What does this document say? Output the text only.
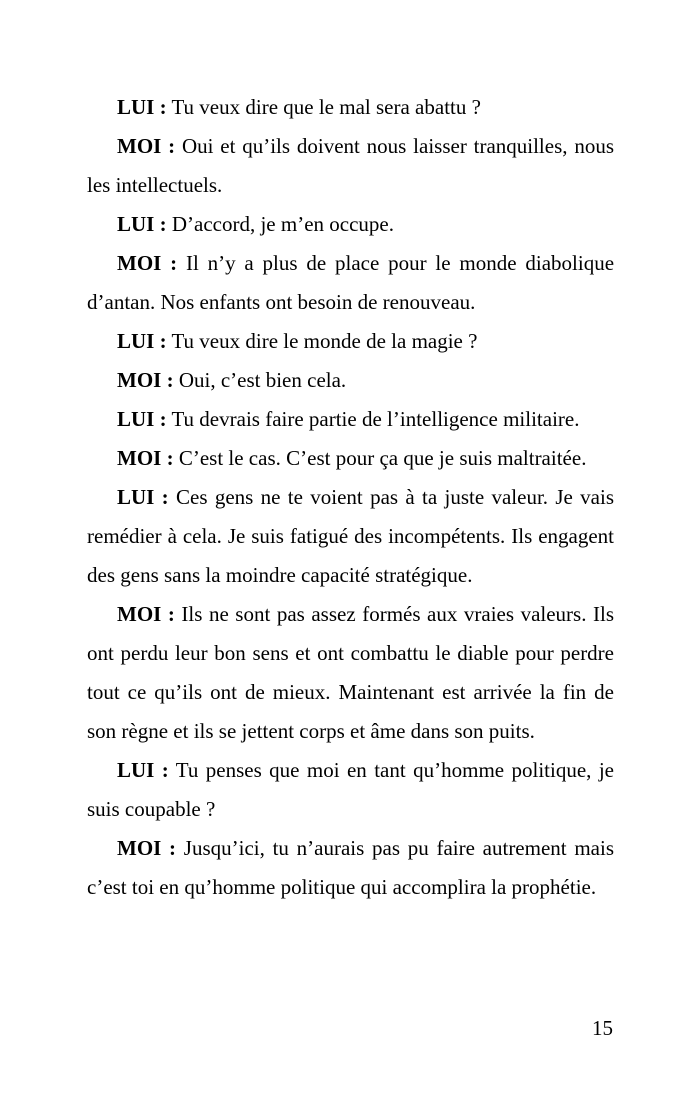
LUI : Tu veux dire que le mal sera abattu ?

MOI : Oui et qu’ils doivent nous laisser tranquilles, nous les intellectuels.

LUI : D’accord, je m’en occupe.

MOI : Il n’y a plus de place pour le monde diabolique d’antan. Nos enfants ont besoin de renouveau.

LUI : Tu veux dire le monde de la magie ?

MOI : Oui, c’est bien cela.

LUI : Tu devrais faire partie de l’intelligence militaire.

MOI : C’est le cas. C’est pour ça que je suis maltraitée.

LUI : Ces gens ne te voient pas à ta juste valeur. Je vais remédier à cela. Je suis fatigué des incompétents. Ils engagent des gens sans la moindre capacité stratégique.

MOI : Ils ne sont pas assez formés aux vraies valeurs. Ils ont perdu leur bon sens et ont combattu le diable pour perdre tout ce qu’ils ont de mieux. Maintenant est arrivée la fin de son règne et ils se jettent corps et âme dans son puits.

LUI : Tu penses que moi en tant qu’homme politique, je suis coupable ?

MOI : Jusqu’ici, tu n’aurais pas pu faire autrement mais c’est toi en qu’homme politique qui accomplira la prophétie.

15
